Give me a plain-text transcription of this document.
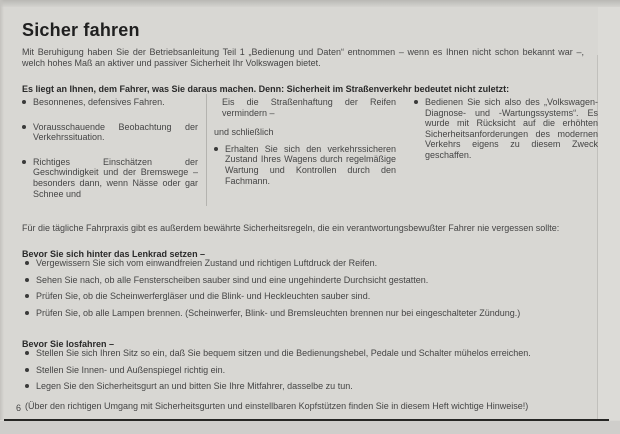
Sicher fahren

Mit Beruhigung haben Sie der Betriebsanleitung Teil 1 „Bedienung und Daten“ entnommen – wenn es Ihnen nicht schon bekannt war –, welch hohes Maß an aktiver und passiver Sicherheit Ihr Volkswagen bietet.

Es liegt an Ihnen, dem Fahrer, was Sie daraus machen. Denn: Sicherheit im Straßenverkehr bedeutet nicht zuletzt:

Besonnenes, defensives Fahren.
Vorausschauende Beobachtung der Verkehrssituation.
Richtiges Einschätzen der Geschwindigkeit und der Bremswege – besonders dann, wenn Nässe oder gar Schnee und

Eis die Straßenhaftung der Reifen vermindern –

und schließlich

Erhalten Sie sich den verkehrssicheren Zustand Ihres Wagens durch regelmäßige Wartung und Kontrollen durch den Fachmann.
Bedienen Sie sich also des „Volkswagen-Diagnose- und -Wartungssystems“. Es wurde mit Rücksicht auf die erhöhten Sicherheitsanforderungen des modernen Verkehrs eigens zu diesem Zweck geschaffen.

Für die tägliche Fahrpraxis gibt es außerdem bewährte Sicherheitsregeln, die ein verantwortungsbewußter Fahrer nie vergessen sollte:

Bevor Sie sich hinter das Lenkrad setzen –

Vergewissern Sie sich vom einwandfreien Zustand und richtigen Luftdruck der Reifen.
Sehen Sie nach, ob alle Fensterscheiben sauber sind und eine ungehinderte Durchsicht gestatten.
Prüfen Sie, ob die Scheinwerfergläser und die Blink- und Heckleuchten sauber sind.
Prüfen Sie, ob alle Lampen brennen. (Scheinwerfer, Blink- und Bremsleuchten brennen nur bei eingeschalteter Zündung.)

Bevor Sie losfahren –

Stellen Sie sich Ihren Sitz so ein, daß Sie bequem sitzen und die Bedienungshebel, Pedale und Schalter mühelos erreichen.
Stellen Sie Innen- und Außenspiegel richtig ein.
Legen Sie den Sicherheitsgurt an und bitten Sie Ihre Mitfahrer, dasselbe zu tun.

(Über den richtigen Umgang mit Sicherheitsgurten und einstellbaren Kopfstützen finden Sie in diesem Heft wichtige Hinweise!)

6
